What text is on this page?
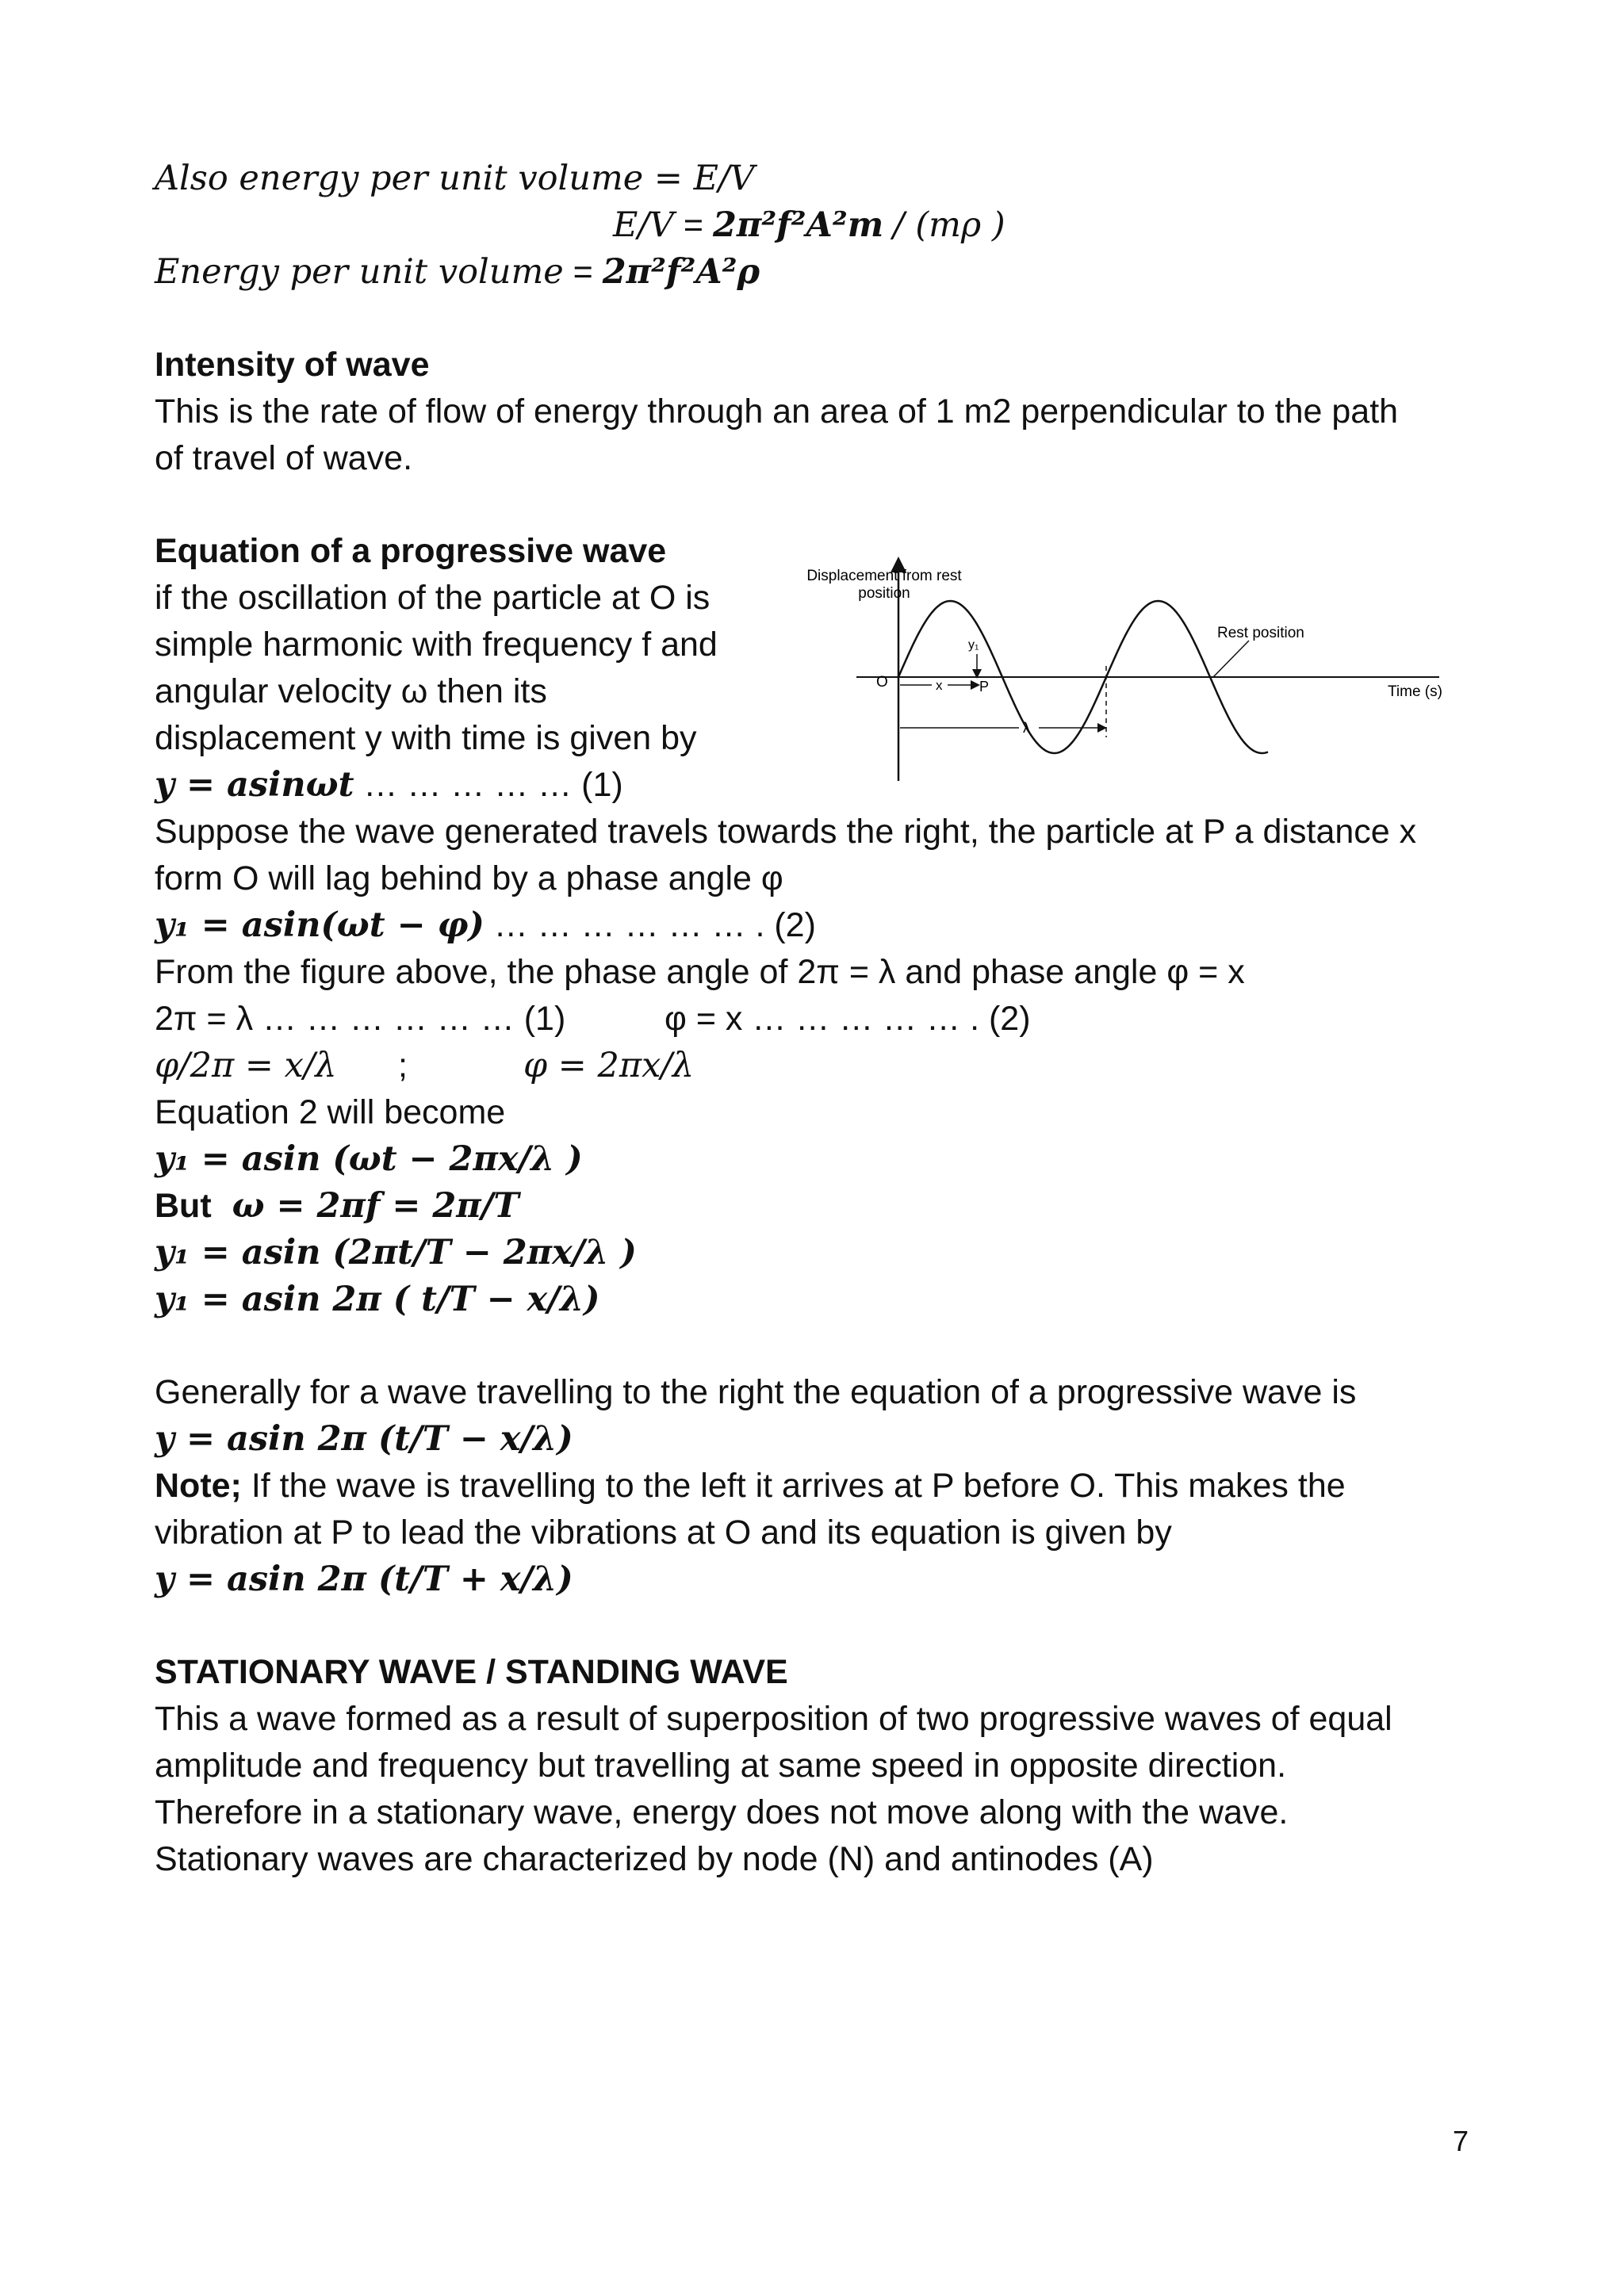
Also energy per unit volume = E/V
E/V = 2π²f²A²m / (mρ )
Energy per unit volume = 2π²f²A²ρ
Intensity of wave
This is the rate of flow of energy through an area of 1 m2 perpendicular to the path
of travel of wave.
Equation of a progressive wave
if the oscillation of the particle at O is
simple harmonic with frequency f and
angular velocity ω then its
displacement y with time is given by
y = asinωt … … … … … (1)
Suppose the wave generated travels towards the right, the particle at P a distance x
form O will lag behind by a phase angle φ
y₁ = asin(ωt − φ) … … … … … … . (2)
From the figure above, the phase angle of 2π = λ and phase angle φ = x
2π = λ … … … … … … (1)	φ = x … … … … … . (2)
φ/2π = x/λ ;	φ = 2πx/λ
Equation 2 will become
y₁ = asin (ωt − 2πx/λ )
But ω = 2πf = 2π/T
y₁ = asin (2πt/T − 2πx/λ )
y₁ = asin 2π ( t/T − x/λ)
Generally for a wave travelling to the right the equation of a progressive wave is
y = asin 2π (t/T − x/λ)
Note; If the wave is travelling to the left it arrives at P before O. This makes the
vibration at P to lead the vibrations at O and its equation is given by
y = asin 2π (t/T + x/λ)
STATIONARY WAVE / STANDING WAVE
This a wave formed as a result of superposition of two progressive waves of equal
amplitude and frequency but travelling at same speed in opposite direction.
Therefore in a stationary wave, energy does not move along with the wave.
Stationary waves are characterized by node (N) and antinodes (A)
Displacement from rest
position
O
Time (s)
x	P
y₁
λ
Rest position
7
